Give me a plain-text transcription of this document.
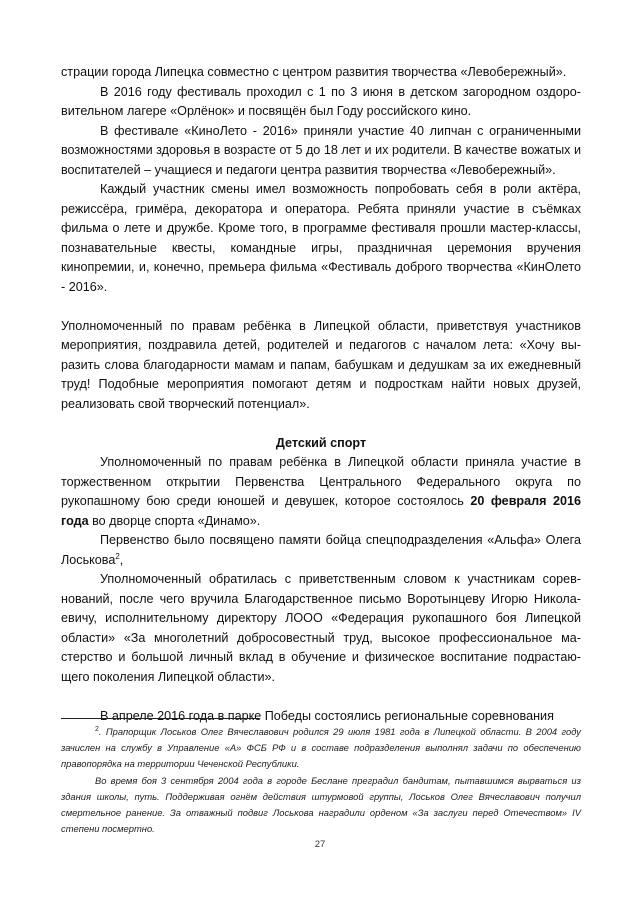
страции города Липецка совместно с центром развития творчества «Левобережный».

В 2016 году фестиваль проходил с 1 по 3 июня в детском загородном оздоровительном лагере «Орлёнок» и посвящён был Году российского кино.

В фестивале «КиноЛето - 2016» приняли участие 40 липчан с ограниченными возможностями здоровья в возрасте от 5 до 18 лет и их родители. В качестве вожатых и воспитателей – учащиеся и педагоги центра развития творчества «Левобережный».

Каждый участник смены имел возможность попробовать себя в роли актёра, режиссёра, гримёра, декоратора и оператора. Ребята приняли участие в съёмках фильма о лете и дружбе. Кроме того, в программе фестиваля прошли мастер-классы, познавательные квесты, командные игры, праздничная церемония вручения кинопремии, и, конечно, премьера фильма «Фестиваль доброго творчества «КинОлето - 2016».

Уполномоченный по правам ребёнка в Липецкой области, приветствуя участников мероприятия, поздравила детей, родителей и педагогов с началом лета: «Хочу выразить слова благодарности мамам и папам, бабушкам и дедушкам за их ежедневный труд! Подобные мероприятия помогают детям и подросткам найти новых друзей, реализовать свой творческий потенциал».

Детский спорт

Уполномоченный по правам ребёнка в Липецкой области приняла участие в торжественном открытии Первенства Центрального Федерального округа по рукопашному бою среди юношей и девушек, которое состоялось 20 февраля 2016 года во дворце спорта «Динамо».

Первенство было посвящено памяти бойца спецподразделения «Альфа» Олега Лоськова$^2$,

Уполномоченный обратилась с приветственным словом к участникам соревнований, после чего вручила Благодарственное письмо Воротынцеву Игорю Николаевичу, исполнительному директору ЛООО «Федерация рукопашного боя Липецкой области» «За многолетний добросовестный труд, высокое профессиональное мастерство и большой личный вклад в обучение и физическое воспитание подрастающего поколения Липецкой области».

В апреле 2016 года в парке Победы состоялись региональные соревнования

$^2$. Прапорщик Лоськов Олег Вячеславович родился 29 июля 1981 года в Липецкой области. В 2004 году зачислен на службу в Управление «А» ФСБ РФ и в составе подразделения выполнял задачи по обеспечению правопорядка на территории Чеченской Республики.

Во время боя 3 сентября 2004 года в городе Беслане преградил бандитам, пытавшимся вырваться из здания школы, путь. Поддерживая огнём действия штурмовой группы, Лоськов Олег Вячеславович получил смертельное ранение. За отважный подвиг Лоськова наградили орденом «За заслуги перед Отечеством» IV степени посмертно.

27
